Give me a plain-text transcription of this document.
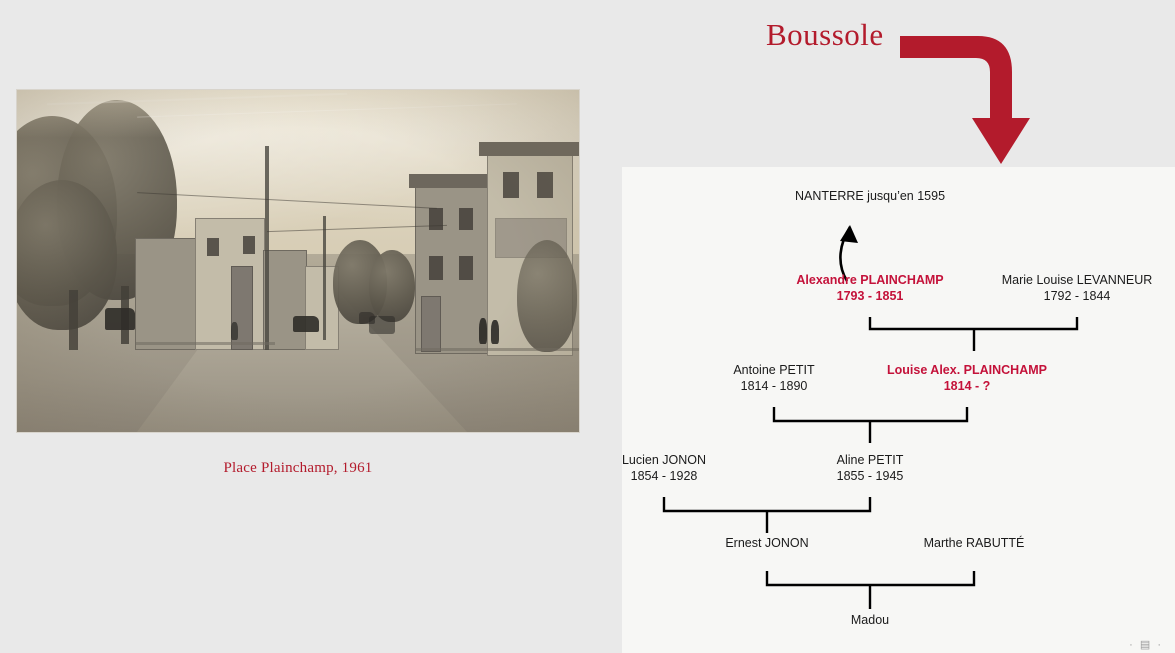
Place Plainchamp, 1961
Boussole
NANTERRE jusqu’en 1595
Alexandre PLAINCHAMP
1793 - 1851
Marie Louise LEVANNEUR
1792 - 1844
Antoine PETIT
1814 - 1890
Louise Alex. PLAINCHAMP
1814 - ?
Lucien JONON
1854 - 1928
Aline PETIT
1855 - 1945
Ernest JONON	Marthe RABUTTÉ
Madou
· ▤ ·
